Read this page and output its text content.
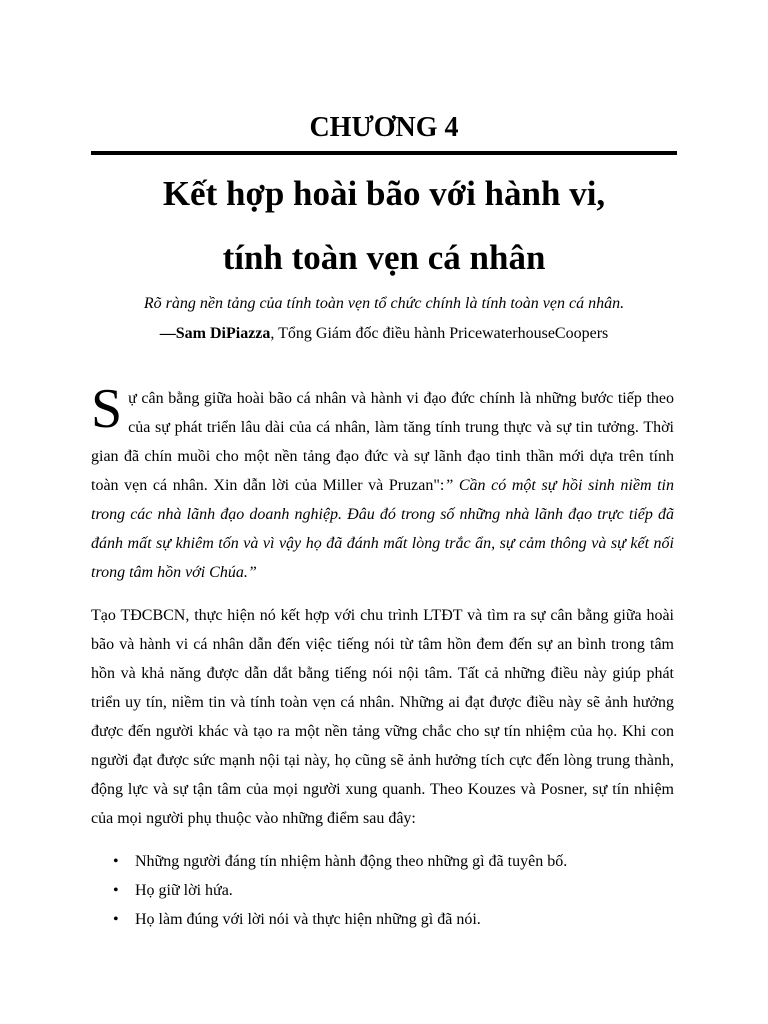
CHƯƠNG 4
Kết hợp hoài bão với hành vi,
tính toàn vẹn cá nhân
Rõ ràng nền tảng của tính toàn vẹn tổ chức chính là tính toàn vẹn cá nhân.
—Sam DiPiazza, Tổng Giám đốc điều hành PricewaterhouseCoopers

Sự cân bằng giữa hoài bão cá nhân và hành vi đạo đức chính là những bước tiếp theo của sự phát triển lâu dài của cá nhân, làm tăng tính trung thực và sự tin tưởng. Thời gian đã chín muồi cho một nền tảng đạo đức và sự lãnh đạo tinh thần mới dựa trên tính toàn vẹn cá nhân. Xin dẫn lời của Miller và Pruzan":” Cần có một sự hồi sinh niềm tin trong các nhà lãnh đạo doanh nghiệp. Đâu đó trong số những nhà lãnh đạo trực tiếp đã đánh mất sự khiêm tốn và vì vậy họ đã đánh mất lòng trắc ẩn, sự cảm thông và sự kết nối trong tâm hồn với Chúa.”

Tạo TĐCBCN, thực hiện nó kết hợp với chu trình LTĐT và tìm ra sự cân bằng giữa hoài bão và hành vi cá nhân dẫn đến việc tiếng nói từ tâm hồn đem đến sự an bình trong tâm hồn và khả năng được dẫn dắt bằng tiếng nói nội tâm. Tất cả những điều này giúp phát triển uy tín, niềm tin và tính toàn vẹn cá nhân. Những ai đạt được điều này sẽ ảnh hưởng được đến người khác và tạo ra một nền tảng vững chắc cho sự tín nhiệm của họ. Khi con người đạt được sức mạnh nội tại này, họ cũng sẽ ảnh hưởng tích cực đến lòng trung thành, động lực và sự tận tâm của mọi người xung quanh. Theo Kouzes và Posner, sự tín nhiệm của mọi người phụ thuộc vào những điểm sau đây:

• Những người đáng tín nhiệm hành động theo những gì đã tuyên bố.
• Họ giữ lời hứa.
• Họ làm đúng với lời nói và thực hiện những gì đã nói.
